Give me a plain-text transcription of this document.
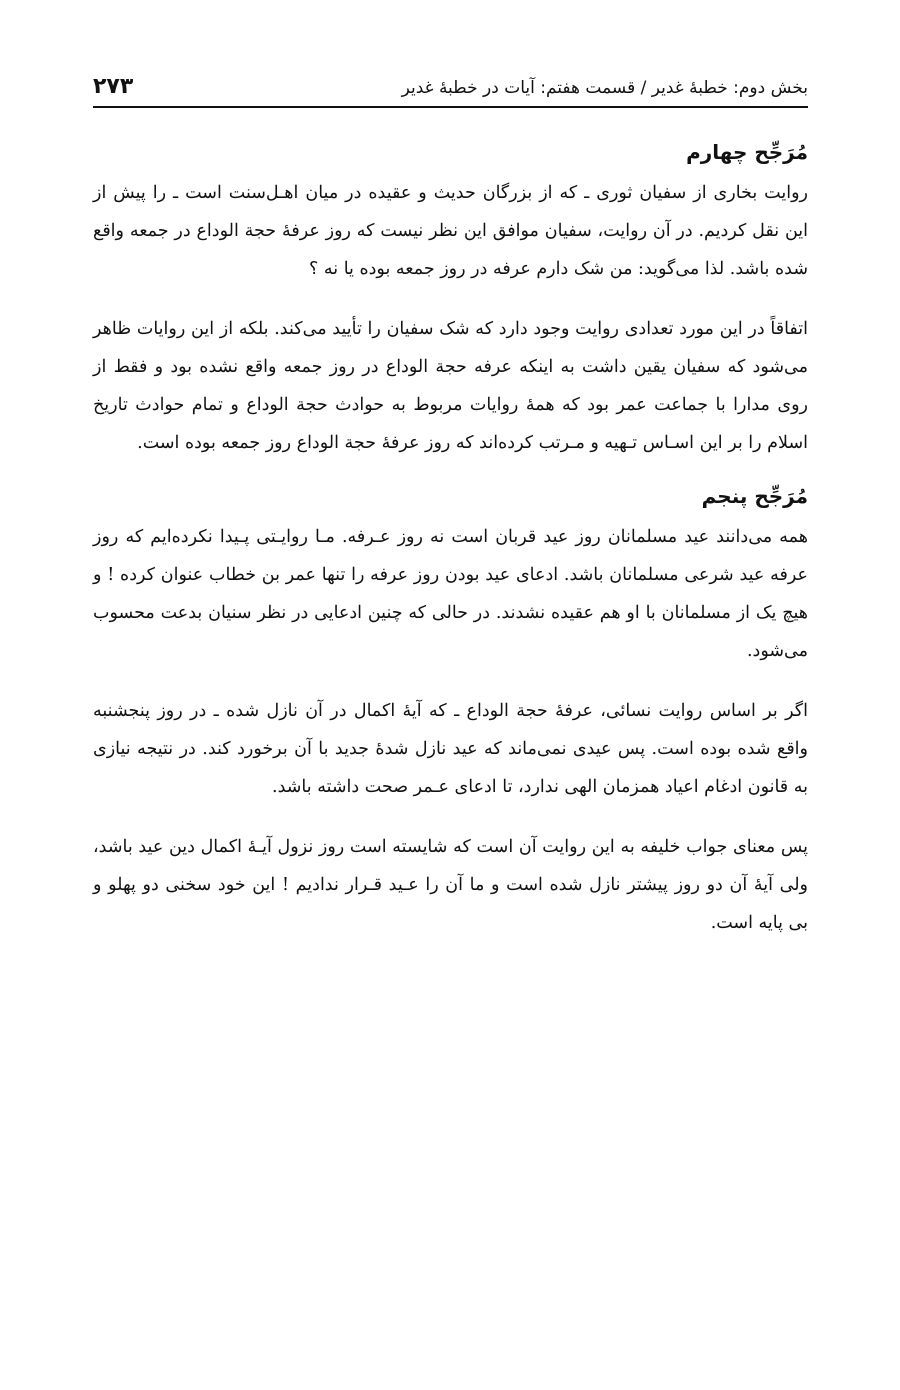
بخش دوم: خطبهٔ غدیر / قسمت هفتم: آیات در خطبهٔ غدیر
۲۷۳
مُرَجِّح چهارم

روایت بخاری از سفیان ثوری ـ که از بزرگان حدیث و عقیده در میان اهـل‌سنت است ـ را پیش از این نقل کردیم. در آن روایت، سفیان موافق این نظر نیست که روز عرفهٔ حجة الوداع در جمعه واقع شده باشد. لذا می‌گوید: من شک دارم عرفه در روز جمعه بوده یا نه ؟

اتفاقاً در این مورد تعدادی روایت وجود دارد که شک سفیان را تأیید می‌کند. بلکه از این روایات ظاهر می‌شود که سفیان یقین داشت به اینکه عرفه حجة الوداع در روز جمعه واقع نشده بود و فقط از روی مدارا با جماعت عمر بود که همهٔ روایات مربوط به حوادث حجة الوداع و تمام حوادث تاریخ اسلام را بر این اسـاس تـهیه و مـرتب کرده‌اند که روز عرفهٔ حجة الوداع روز جمعه بوده است.

مُرَجِّح پنجم

همه می‌دانند عید مسلمانان روز عید قربان است نه روز عـرفه. مـا روایـتی پـیدا نکرده‌ایم که روز عرفه عید شرعی مسلمانان باشد. ادعای عید بودن روز عرفه را تنها عمر بن خطاب عنوان کرده ! و هیچ یک از مسلمانان با او هم عقیده نشدند. در حالی که چنین ادعایی در نظر سنیان بدعت محسوب می‌شود.

اگر بر اساس روایت نسائی، عرفهٔ حجة الوداع ـ که آیهٔ اکمال در آن نازل شده ـ در روز پنجشنبه واقع شده بوده است. پس عیدی نمی‌ماند که عید نازل شدهٔ جدید با آن برخورد کند. در نتیجه نیازی به قانون ادغام اعیاد همزمان الهی ندارد، تا ادعای عـمر صحت داشته باشد.

پس معنای جواب خلیفه به این روایت آن است که شایسته است روز نزول آیـهٔ اکمال دین عید باشد، ولی آیهٔ آن دو روز پیشتر نازل شده است و ما آن را عـید قـرار ندادیم ! این خود سخنی دو پهلو و بی پایه است.
